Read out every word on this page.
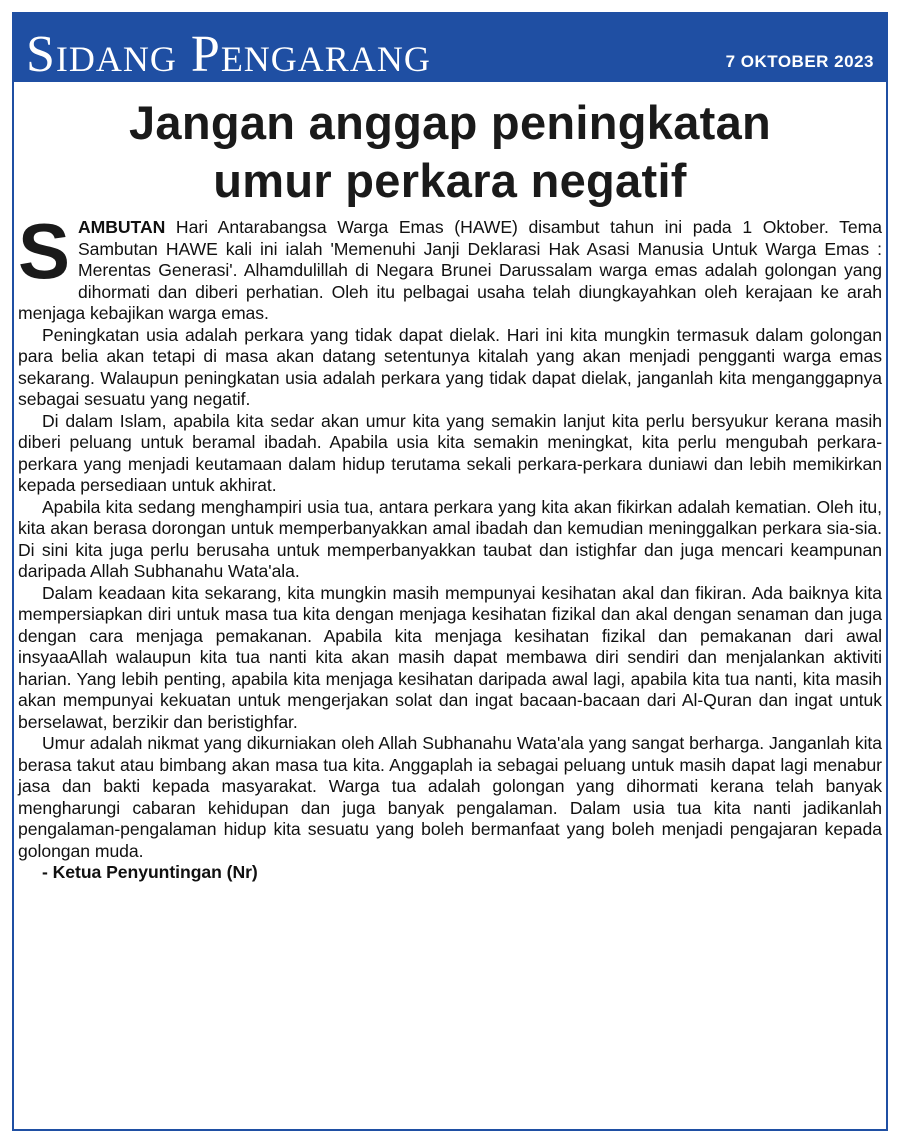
Sidang Pengarang	7 OKTOBER 2023
Jangan anggap peningkatan
umur perkara negatif

SAMBUTAN Hari Antarabangsa Warga Emas (HAWE) disambut tahun ini pada 1 Oktober. Tema Sambutan HAWE kali ini ialah 'Memenuhi Janji Deklarasi Hak Asasi Manusia Untuk Warga Emas : Merentas Generasi'. Alhamdulillah di Negara Brunei Darussalam warga emas adalah golongan yang dihormati dan diberi perhatian. Oleh itu pelbagai usaha telah diungkayahkan oleh kerajaan ke arah menjaga kebajikan warga emas.

Peningkatan usia adalah perkara yang tidak dapat dielak. Hari ini kita mungkin termasuk dalam golongan para belia akan tetapi di masa akan datang setentunya kitalah yang akan menjadi pengganti warga emas sekarang. Walaupun peningkatan usia adalah perkara yang tidak dapat dielak, janganlah kita menganggapnya sebagai sesuatu yang negatif.

Di dalam Islam, apabila kita sedar akan umur kita yang semakin lanjut kita perlu bersyukur kerana masih diberi peluang untuk beramal ibadah. Apabila usia kita semakin meningkat, kita perlu mengubah perkara-perkara yang menjadi keutamaan dalam hidup terutama sekali perkara-perkara duniawi dan lebih memikirkan kepada persediaan untuk akhirat.

Apabila kita sedang menghampiri usia tua, antara perkara yang kita akan fikirkan adalah kematian. Oleh itu, kita akan berasa dorongan untuk memperbanyakkan amal ibadah dan kemudian meninggalkan perkara sia-sia. Di sini kita juga perlu berusaha untuk memperbanyakkan taubat dan istighfar dan juga mencari keampunan daripada Allah Subhanahu Wata'ala.

Dalam keadaan kita sekarang, kita mungkin masih mempunyai kesihatan akal dan fikiran. Ada baiknya kita mempersiapkan diri untuk masa tua kita dengan menjaga kesihatan fizikal dan akal dengan senaman dan juga dengan cara menjaga pemakanan. Apabila kita menjaga kesihatan fizikal dan pemakanan dari awal insyaaAllah walaupun kita tua nanti kita akan masih dapat membawa diri sendiri dan menjalankan aktiviti harian. Yang lebih penting, apabila kita menjaga kesihatan daripada awal lagi, apabila kita tua nanti, kita masih akan mempunyai kekuatan untuk mengerjakan solat dan ingat bacaan-bacaan dari Al-Quran dan ingat untuk berselawat, berzikir dan beristighfar.

Umur adalah nikmat yang dikurniakan oleh Allah Subhanahu Wata'ala yang sangat berharga. Janganlah kita berasa takut atau bimbang akan masa tua kita. Anggaplah ia sebagai peluang untuk masih dapat lagi menabur jasa dan bakti kepada masyarakat. Warga tua adalah golongan yang dihormati kerana telah banyak mengharungi cabaran kehidupan dan juga banyak pengalaman. Dalam usia tua kita nanti jadikanlah pengalaman-pengalaman hidup kita sesuatu yang boleh bermanfaat yang boleh menjadi pengajaran kepada golongan muda.

- Ketua Penyuntingan (Nr)
